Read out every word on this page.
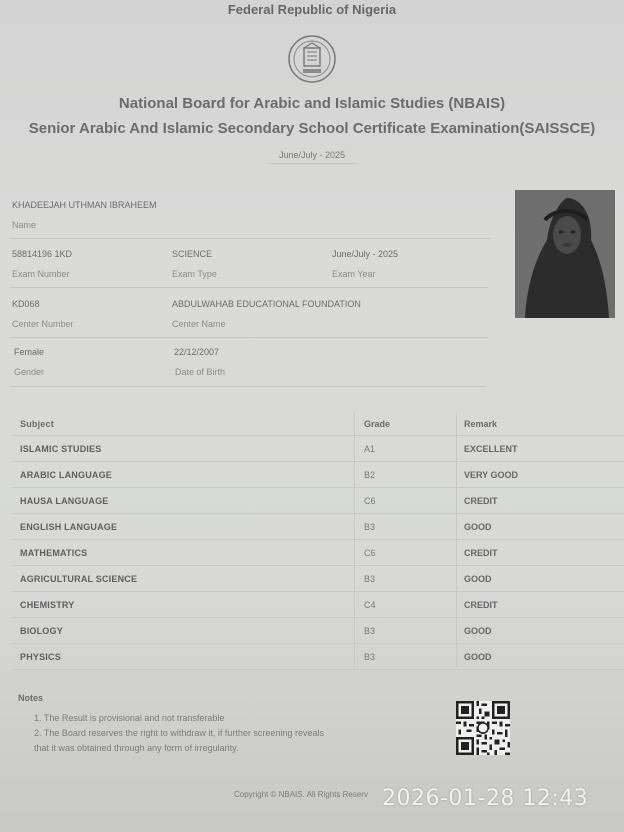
Federal Republic of Nigeria
National Board for Arabic and Islamic Studies (NBAIS)
Senior Arabic And Islamic Secondary School Certificate Examination(SAISSCE)
June/July - 2025
KHADEEJAH UTHMAN IBRAHEEM
Name
58814196 1KD
Exam Number
SCIENCE
Exam Type
June/July - 2025
Exam Year
KD068
Center Number
ABDULWAHAB EDUCATIONAL FOUNDATION
Center Name
Female
Gender
22/12/2007
Date of Birth
Subject	Grade	Remark
ISLAMIC STUDIES	A1	EXCELLENT
ARABIC LANGUAGE	B2	VERY GOOD
HAUSA LANGUAGE	C6	CREDIT
ENGLISH LANGUAGE	B3	GOOD
MATHEMATICS	C6	CREDIT
AGRICULTURAL SCIENCE	B3	GOOD
CHEMISTRY	C4	CREDIT
BIOLOGY	B3	GOOD
PHYSICS	B3	GOOD
Notes
1. The Result is provisional and not transferable
2. The Board reserves the right to withdraw it, if further screening reveals that it was obtained through any form of irregularity.
Copyright © NBAIS. All Rights Reserv 2026-01-28 12:43
